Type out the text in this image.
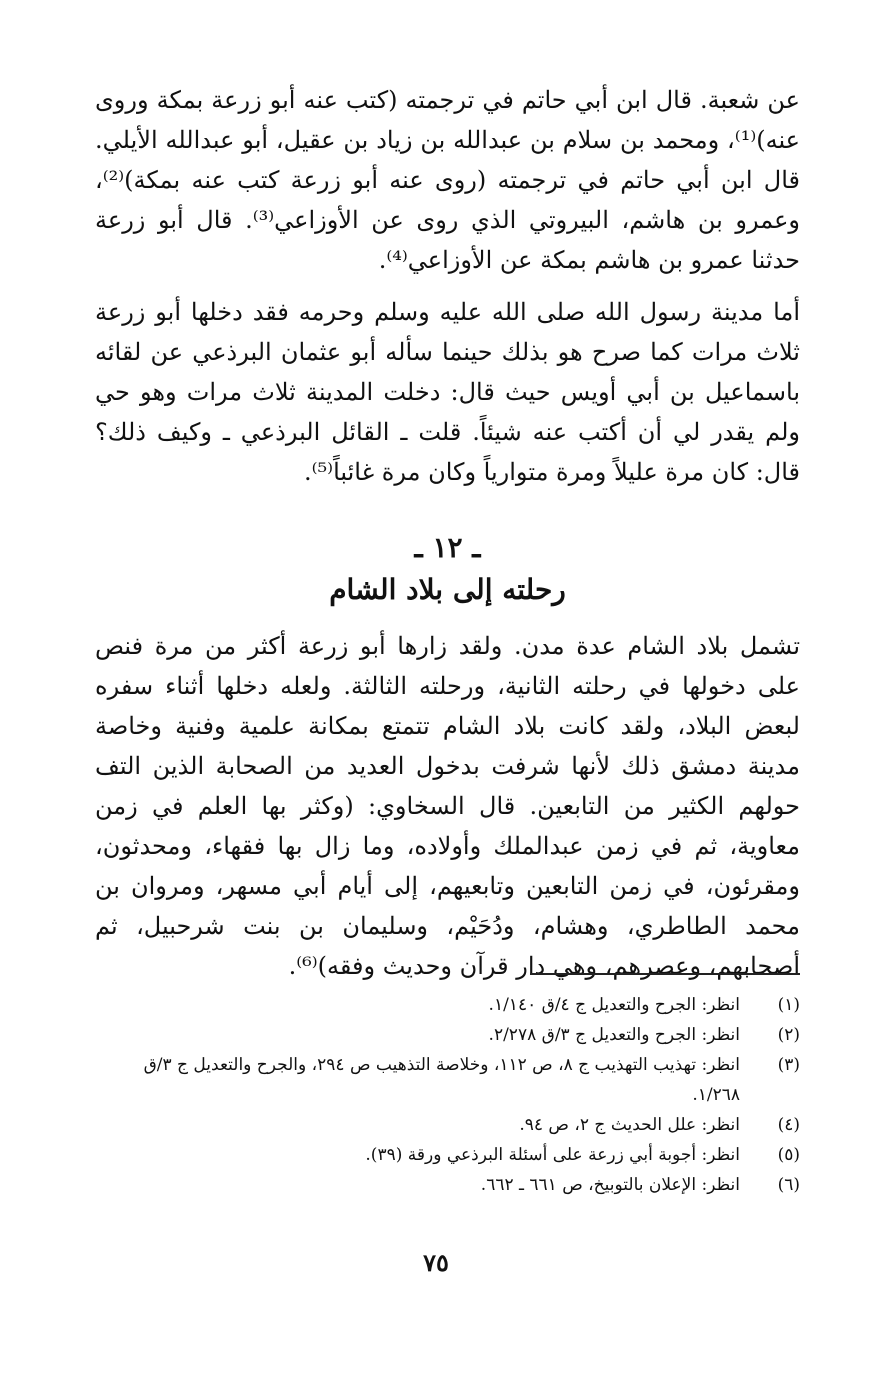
عن شعبة. قال ابن أبي حاتم في ترجمته (كتب عنه أبو زرعة بمكة وروى عنه)⁽¹⁾، ومحمد بن سلام بن عبدالله بن زياد بن عقيل، أبو عبدالله الأيلي. قال ابن أبي حاتم في ترجمته (روى عنه أبو زرعة كتب عنه بمكة)⁽²⁾، وعمرو بن هاشم، البيروتي الذي روى عن الأوزاعي⁽³⁾. قال أبو زرعة حدثنا عمرو بن هاشم بمكة عن الأوزاعي⁽⁴⁾.

أما مدينة رسول الله صلى الله عليه وسلم وحرمه فقد دخلها أبو زرعة ثلاث مرات كما صرح هو بذلك حينما سأله أبو عثمان البرذعي عن لقائه باسماعيل بن أبي أويس حيث قال: دخلت المدينة ثلاث مرات وهو حي ولم يقدر لي أن أكتب عنه شيئاً. قلت ـ القائل البرذعي ـ وكيف ذلك؟ قال: كان مرة عليلاً ومرة متوارياً وكان مرة غائباً⁽⁵⁾.

ـ ١٢ ـ
رحلته إلى بلاد الشام

تشمل بلاد الشام عدة مدن. ولقد زارها أبو زرعة أكثر من مرة فنص على دخولها في رحلته الثانية، ورحلته الثالثة. ولعله دخلها أثناء سفره لبعض البلاد، ولقد كانت بلاد الشام تتمتع بمكانة علمية وفنية وخاصة مدينة دمشق ذلك لأنها شرفت بدخول العديد من الصحابة الذين التف حولهم الكثير من التابعين. قال السخاوي: (وكثر بها العلم في زمن معاوية، ثم في زمن عبدالملك وأولاده، وما زال بها فقهاء، ومحدثون، ومقرئون، في زمن التابعين وتابعيهم، إلى أيام أبي مسهر، ومروان بن محمد الطاطري، وهشام، ودُحَيْم، وسليمان بن بنت شرحبيل، ثم أصحابهم، وعصرهم، وهي دار قرآن وحديث وفقه)⁽⁶⁾.

(١)
انظر: الجرح والتعديل ج ٤/ق ١/١٤٠.
(٢)
انظر: الجرح والتعديل ج ٣/ق ٢/٢٧٨.
(٣)
انظر: تهذيب التهذيب ج ٨، ص ١١٢، وخلاصة التذهيب ص ٢٩٤، والجرح والتعديل ج ٣/ق ١/٢٦٨.
(٤)
انظر: علل الحديث ج ٢، ص ٩٤.
(٥)
انظر: أجوبة أبي زرعة على أسئلة البرذعي ورقة (٣٩).
(٦)
انظر: الإعلان بالتوبيخ، ص ٦٦١ ـ ٦٦٢.
٧٥
